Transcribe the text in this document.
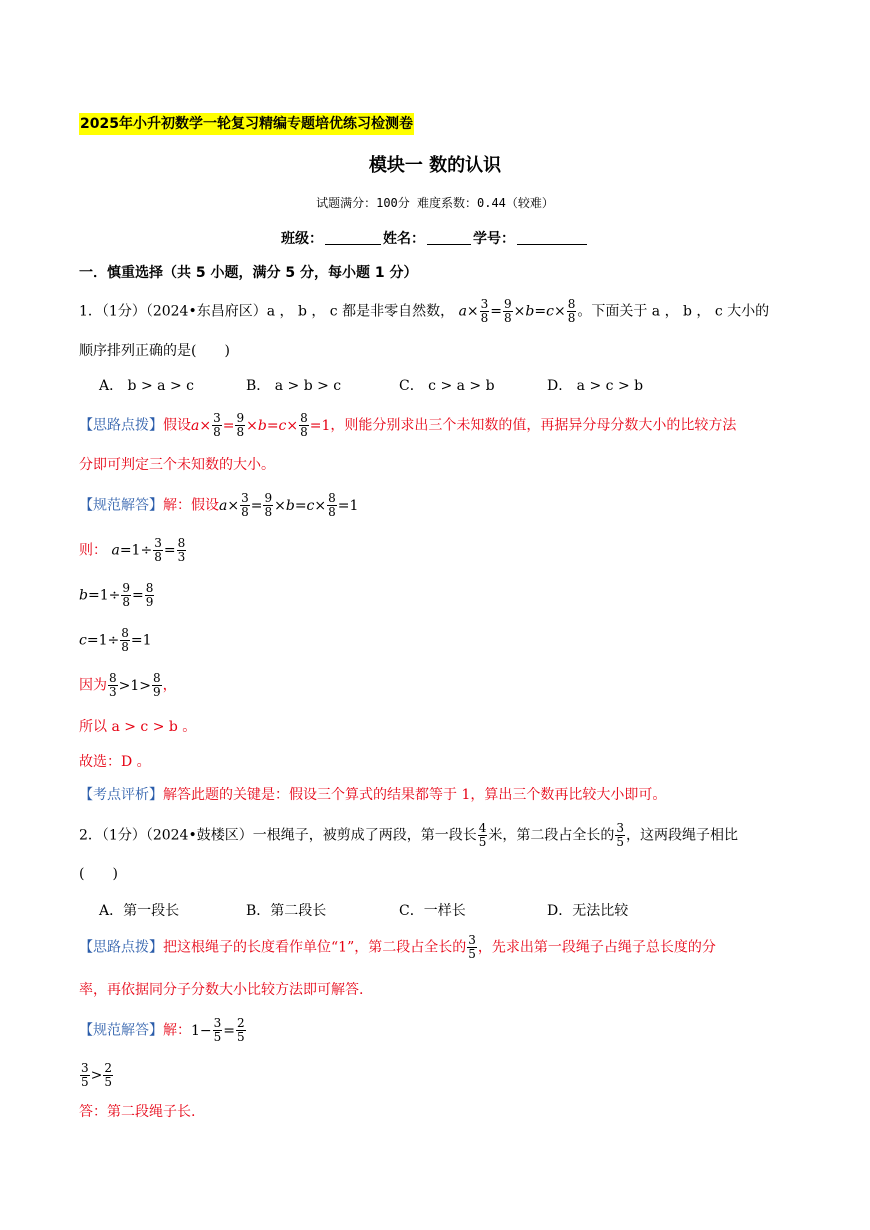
2025年小升初数学一轮复习精编专题培优练习检测卷
模块一 数的认识
试题满分：100分 难度系数：0.44（较难）
班级：	姓名：	学号：
一．慎重选择（共 5 小题，满分 5 分，每小题 1 分）
1．（1分）（2024•东昌府区）a ， b ， c 都是非零自然数， $a\times \frac{3}{8} = \frac{9}{8} \times b=c\times \frac{8}{8}$ 。下面关于 a ， b ， c 大小的
顺序排列正确的是(　　)
A． b > a > c	B． a > b > c	C． c > a > b	D． a > c > b
【思路点拨】假设$a\times \frac{3}{8} = \frac{9}{8} \times b=c\times \frac{8}{8} =1$，则能分别求出三个未知数的值，再据异分母分数大小的比较方法
分即可判定三个未知数的大小。
【规范解答】解：假设$a\times \frac{3}{8} = \frac{9}{8} \times b=c\times \frac{8}{8} =1$
则： $a=1\div \frac{3}{8} = \frac{8}{3}$
$b=1\div \frac{9}{8} = \frac{8}{9}$
$c=1\div \frac{8}{8} =1$
因为 $\frac{8}{3} >1> \frac{8}{9}$ ，
所以 a > c > b 。
故选：D 。
【考点评析】解答此题的关键是：假设三个算式的结果都等于 1，算出三个数再比较大小即可。
2．（1分）（2024•鼓楼区）一根绳子，被剪成了两段，第一段长 $\frac{4}{5}$ 米，第二段占全长的 $\frac{3}{5}$ ，这两段绳子相比
(　　)
A．第一段长	B．第二段长	C．一样长	D．无法比较
【思路点拨】把这根绳子的长度看作单位“1”，第二段占全长的 $\frac{3}{5}$ ，先求出第一段绳子占绳子总长度的分
率，再依据同分子分数大小比较方法即可解答.
【规范解答】解：$1- \frac{3}{5} = \frac{2}{5}$
$\frac{3}{5} > \frac{2}{5}$
答：第二段绳子长.
